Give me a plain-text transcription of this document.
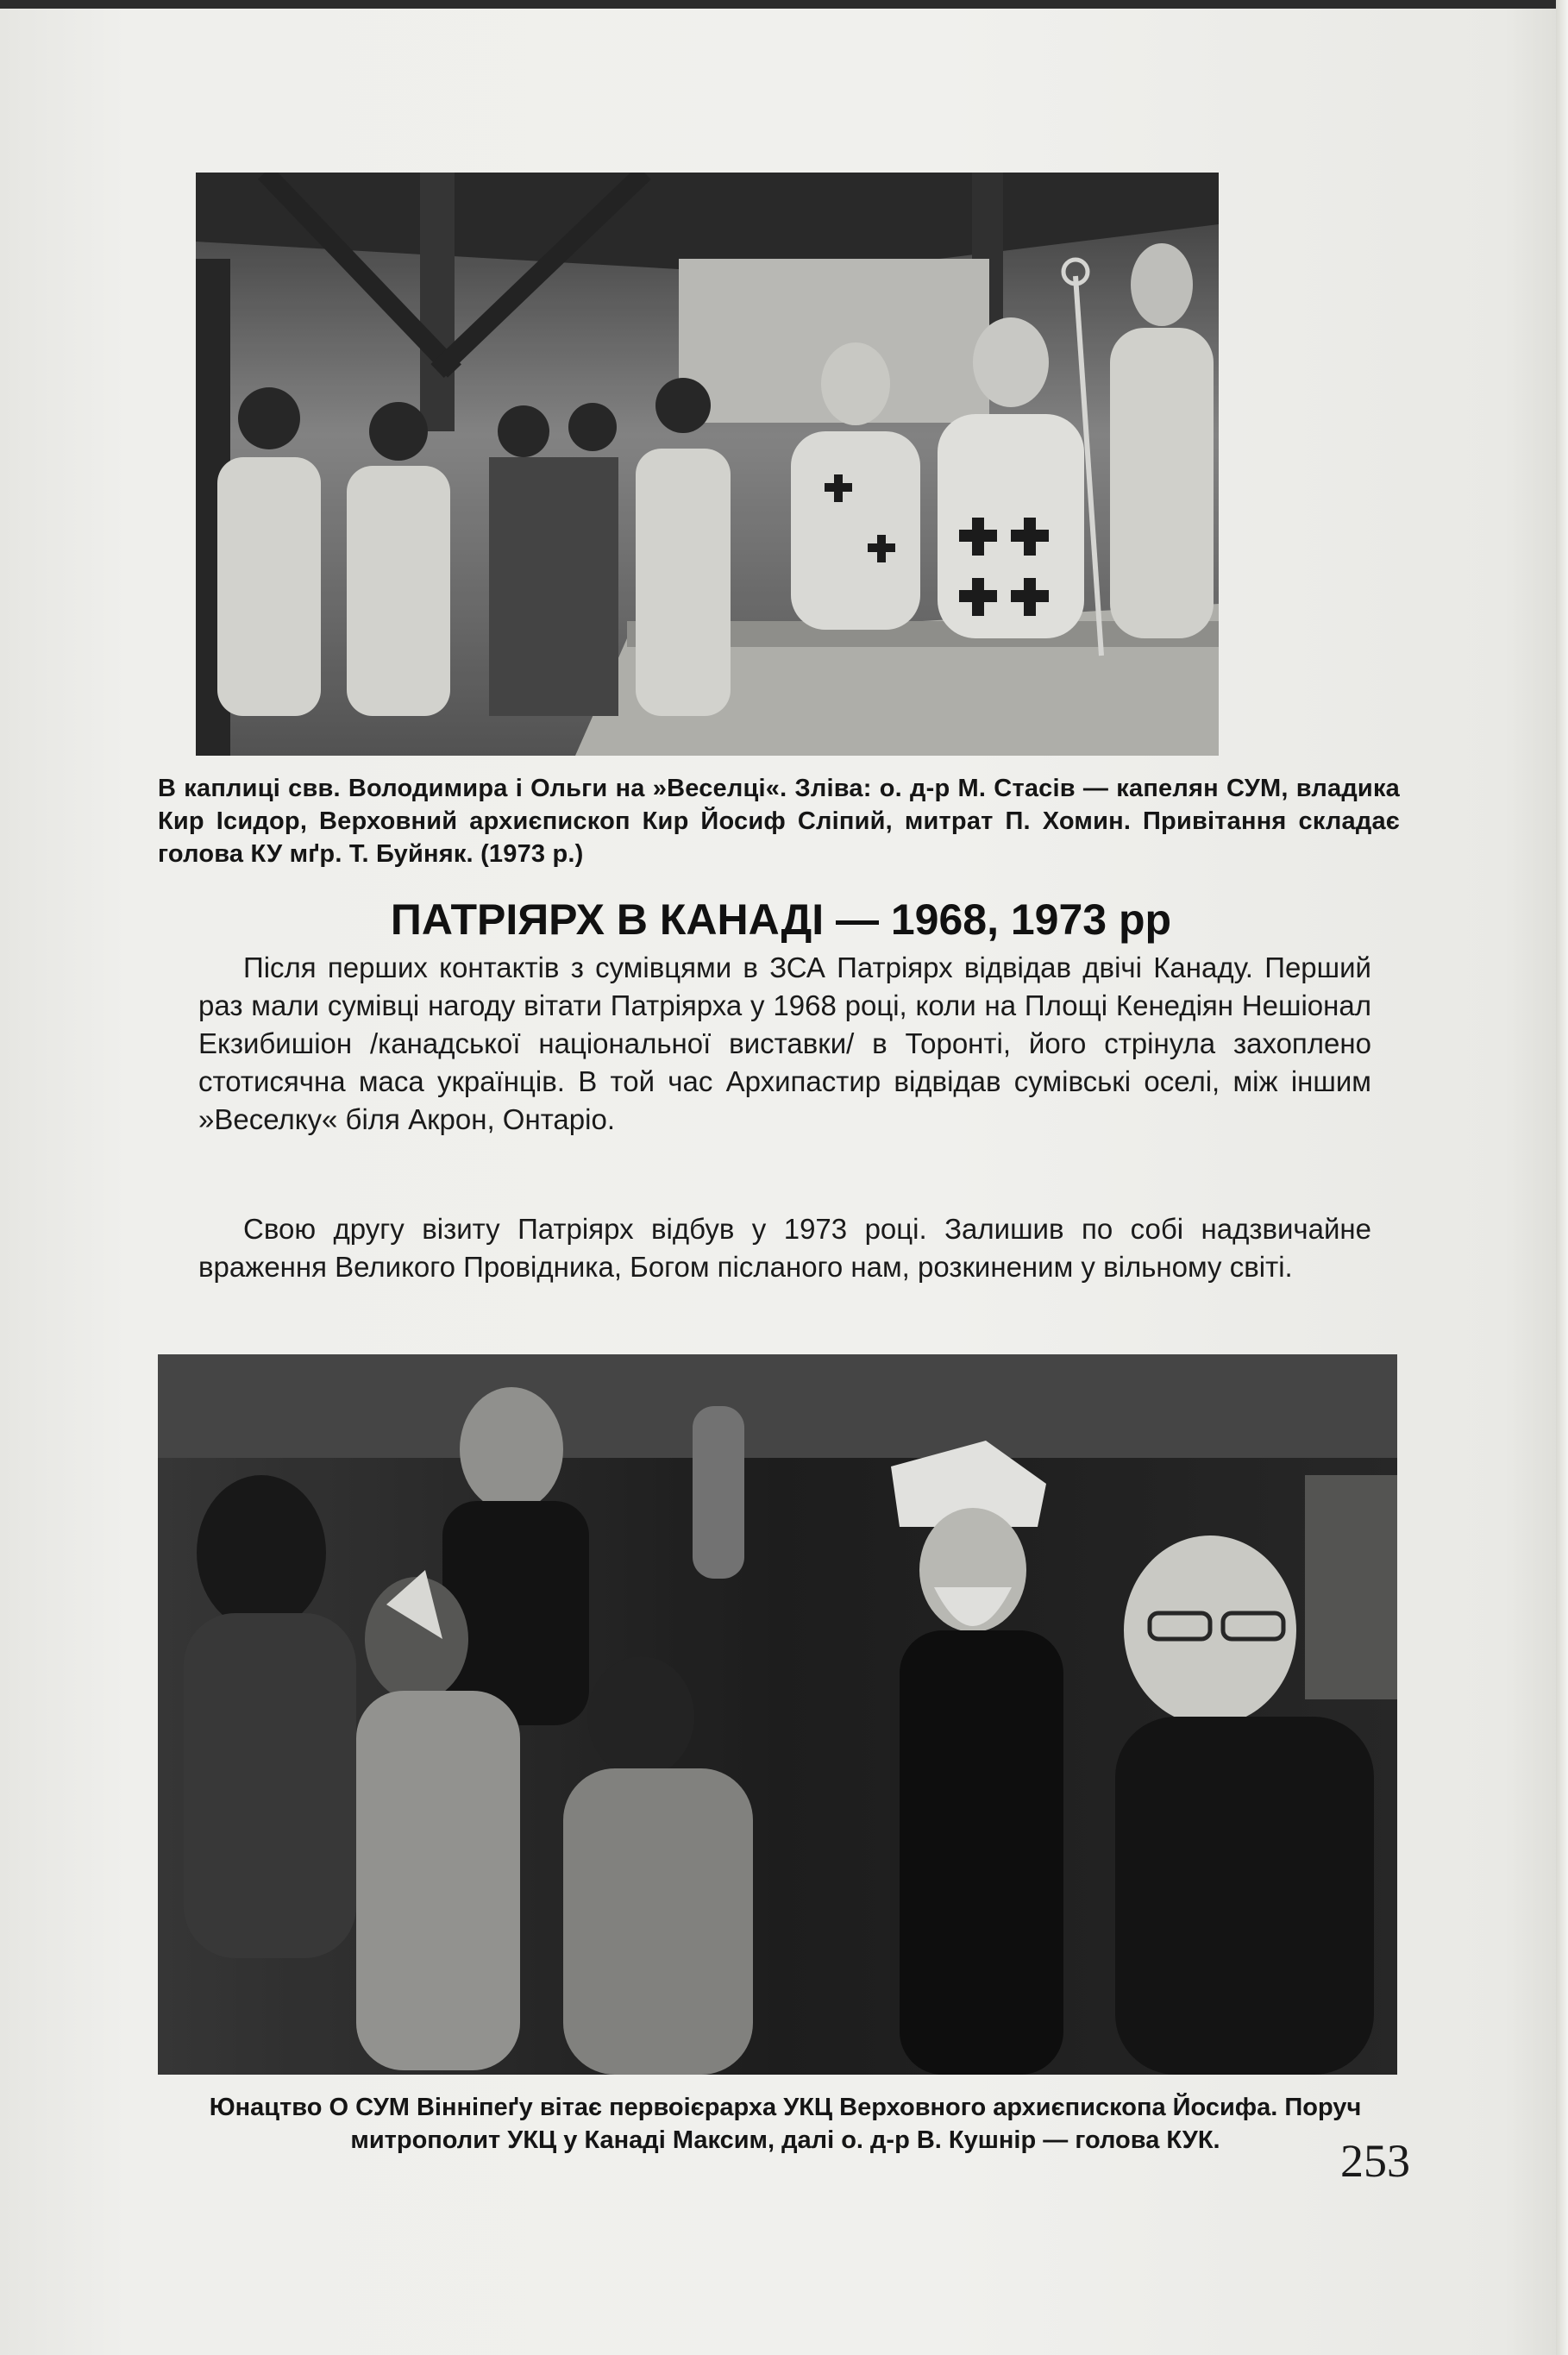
В каплиці свв. Володимира і Ольги на »Веселці«. Зліва: о. д-р М. Стасів — капелян СУМ, владика Кир Ісидор, Верховний архиєпископ Кир Йосиф Сліпий, митрат П. Хомин. Привітання складає голова КУ мґр. Т. Буйняк. (1973 р.)
ПАТРІЯРХ В КАНАДІ — 1968, 1973 рр

Після перших контактів з сумівцями в ЗСА Патріярх відвідав двічі Канаду. Перший раз мали сумівці нагоду вітати Патріярха у 1968 році, коли на Площі Кенедіян Нешіонал Екзибишіон /канадської національної виставки/ в Торонті, його стрінула захоплено стотисячна маса українців. В той час Архипастир відвідав сумівські оселі, між іншим »Веселку« біля Акрон, Онтаріо.

Свою другу візиту Патріярх відбув у 1973 році. Залишив по собі надзвичайне враження Великого Провідника, Богом післаного нам, розкиненим у вільному світі.

Юнацтво О СУМ Вінніпеґу вітає первоієрарха УКЦ Верховного архиєпископа Йосифа. Поруч митрополит УКЦ у Канаді Максим, далі о. д-р В. Кушнір — голова КУК.	253
